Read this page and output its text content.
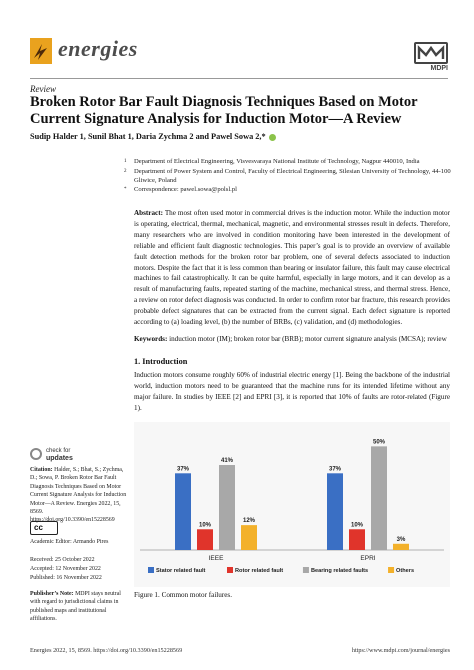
energies
MDPI
Review
Broken Rotor Bar Fault Diagnosis Techniques Based on Motor Current Signature Analysis for Induction Motor—A Review
Sudip Halder 1, Sunil Bhat 1, Daria Zychma 2 and Pawel Sowa 2,*
1 Department of Electrical Engineering, Visvesvaraya National Institute of Technology, Nagpur 440010, India
2 Department of Power System and Control, Faculty of Electrical Engineering, Silesian University of Technology, 44-100 Gliwice, Poland
* Correspondence: pawel.sowa@polsl.pl
Abstract: The most often used motor in commercial drives is the induction motor. While the induction motor is operating, electrical, thermal, mechanical, magnetic, and environmental stresses result in defects. Therefore, many researchers who are involved in condition monitoring have been interested in the development of reliable and efficient fault diagnostic technologies. This paper’s goal is to provide an overview of available fault detection methods for the broken rotor bar problem, one of several defects associated to induction motors. Despite the fact that it is less common than bearing or insulator failure, this fault may cause electrical machines to fail catastrophically. It can be quite harmful, especially in large motors, and it can develop as a result of manufacturing faults, repeated starting of the machine, mechanical stress, and thermal stress. Hence, a review on rotor defect diagnosis was conducted. In order to confirm rotor bar fracture, this research provides probable defect signatures that can be extracted from the current signal. Each defect signature is reported according to (a) loading level, (b) the number of BRBs, (c) validation, and (d) methodologies.
check for
updates
Citation: Halder, S.; Bhat, S.; Zychma, D.; Sowa, P. Broken Rotor Bar Fault Diagnosis Techniques Based on Motor Current Signature Analysis for Induction Motor—A Review. Energies 2022, 15, 8569. https://doi.org/10.3390/en15228569
Academic Editor: Armando Pires
Received: 25 October 2022
Accepted: 12 November 2022
Published: 16 November 2022
Publisher’s Note: MDPI stays neutral with regard to jurisdictional claims in published maps and institutional affiliations.
Keywords: induction motor (IM); broken rotor bar (BRB); motor current signature analysis (MCSA); review
1. Introduction
Induction motors consume roughly 60% of industrial electric energy [1]. Being the backbone of the industrial world, induction motors need to be guaranteed that the machine runs for its intended lifetime without any major failure. In studies by IEEE [2] and EPRI [3], it is reported that 10% of faults are rotor-related (Figure 1).
37%
10%
41%
12%
IEEE
37%
10%
50%
3%
EPRI
Stator related fault	Rotor related fault	Bearing related faults	Others
Figure 1. Common motor failures.
cc
Energies 2022, 15, 8569. https://doi.org/10.3390/en15228569	https://www.mdpi.com/journal/energies
